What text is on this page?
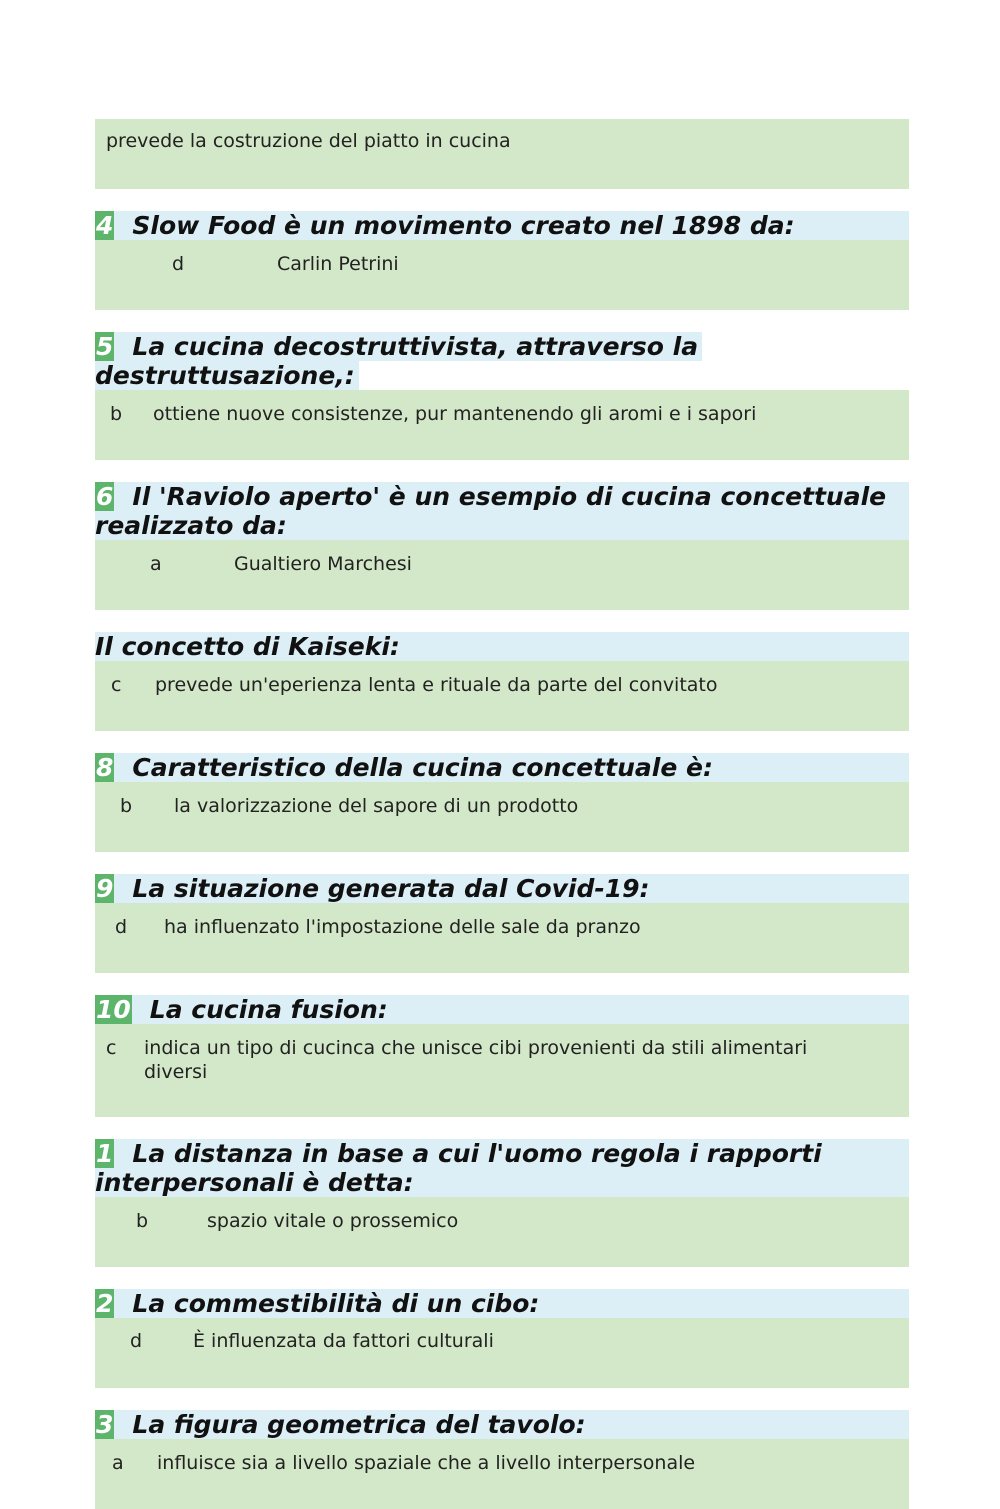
prevede la costruzione del piatto in cucina
4 Slow Food è un movimento creato nel 1898 da:
d	Carlin Petrini
5 La cucina decostruttivista, attraverso la destruttusazione,:
b	ottiene nuove consistenze, pur mantenendo gli aromi e i sapori
6 Il 'Raviolo aperto' è un esempio di cucina concettuale realizzato da:
a	Gualtiero Marchesi
Il concetto di Kaiseki:
c	prevede un'eperienza lenta e rituale da parte del convitato
8 Caratteristico della cucina concettuale è:
b	la valorizzazione del sapore di un prodotto
9 La situazione generata dal Covid-19:
d	ha influenzato l'impostazione delle sale da pranzo
10 La cucina fusion:
c	indica un tipo di cucinca che unisce cibi provenienti da stili alimentari diversi
1 La distanza in base a cui l'uomo regola i rapporti interpersonali è detta:
b	spazio vitale o prossemico
2 La commestibilità di un cibo:
d	È influenzata da fattori culturali
3 La figura geometrica del tavolo:
a	influisce sia a livello spaziale che a livello interpersonale
